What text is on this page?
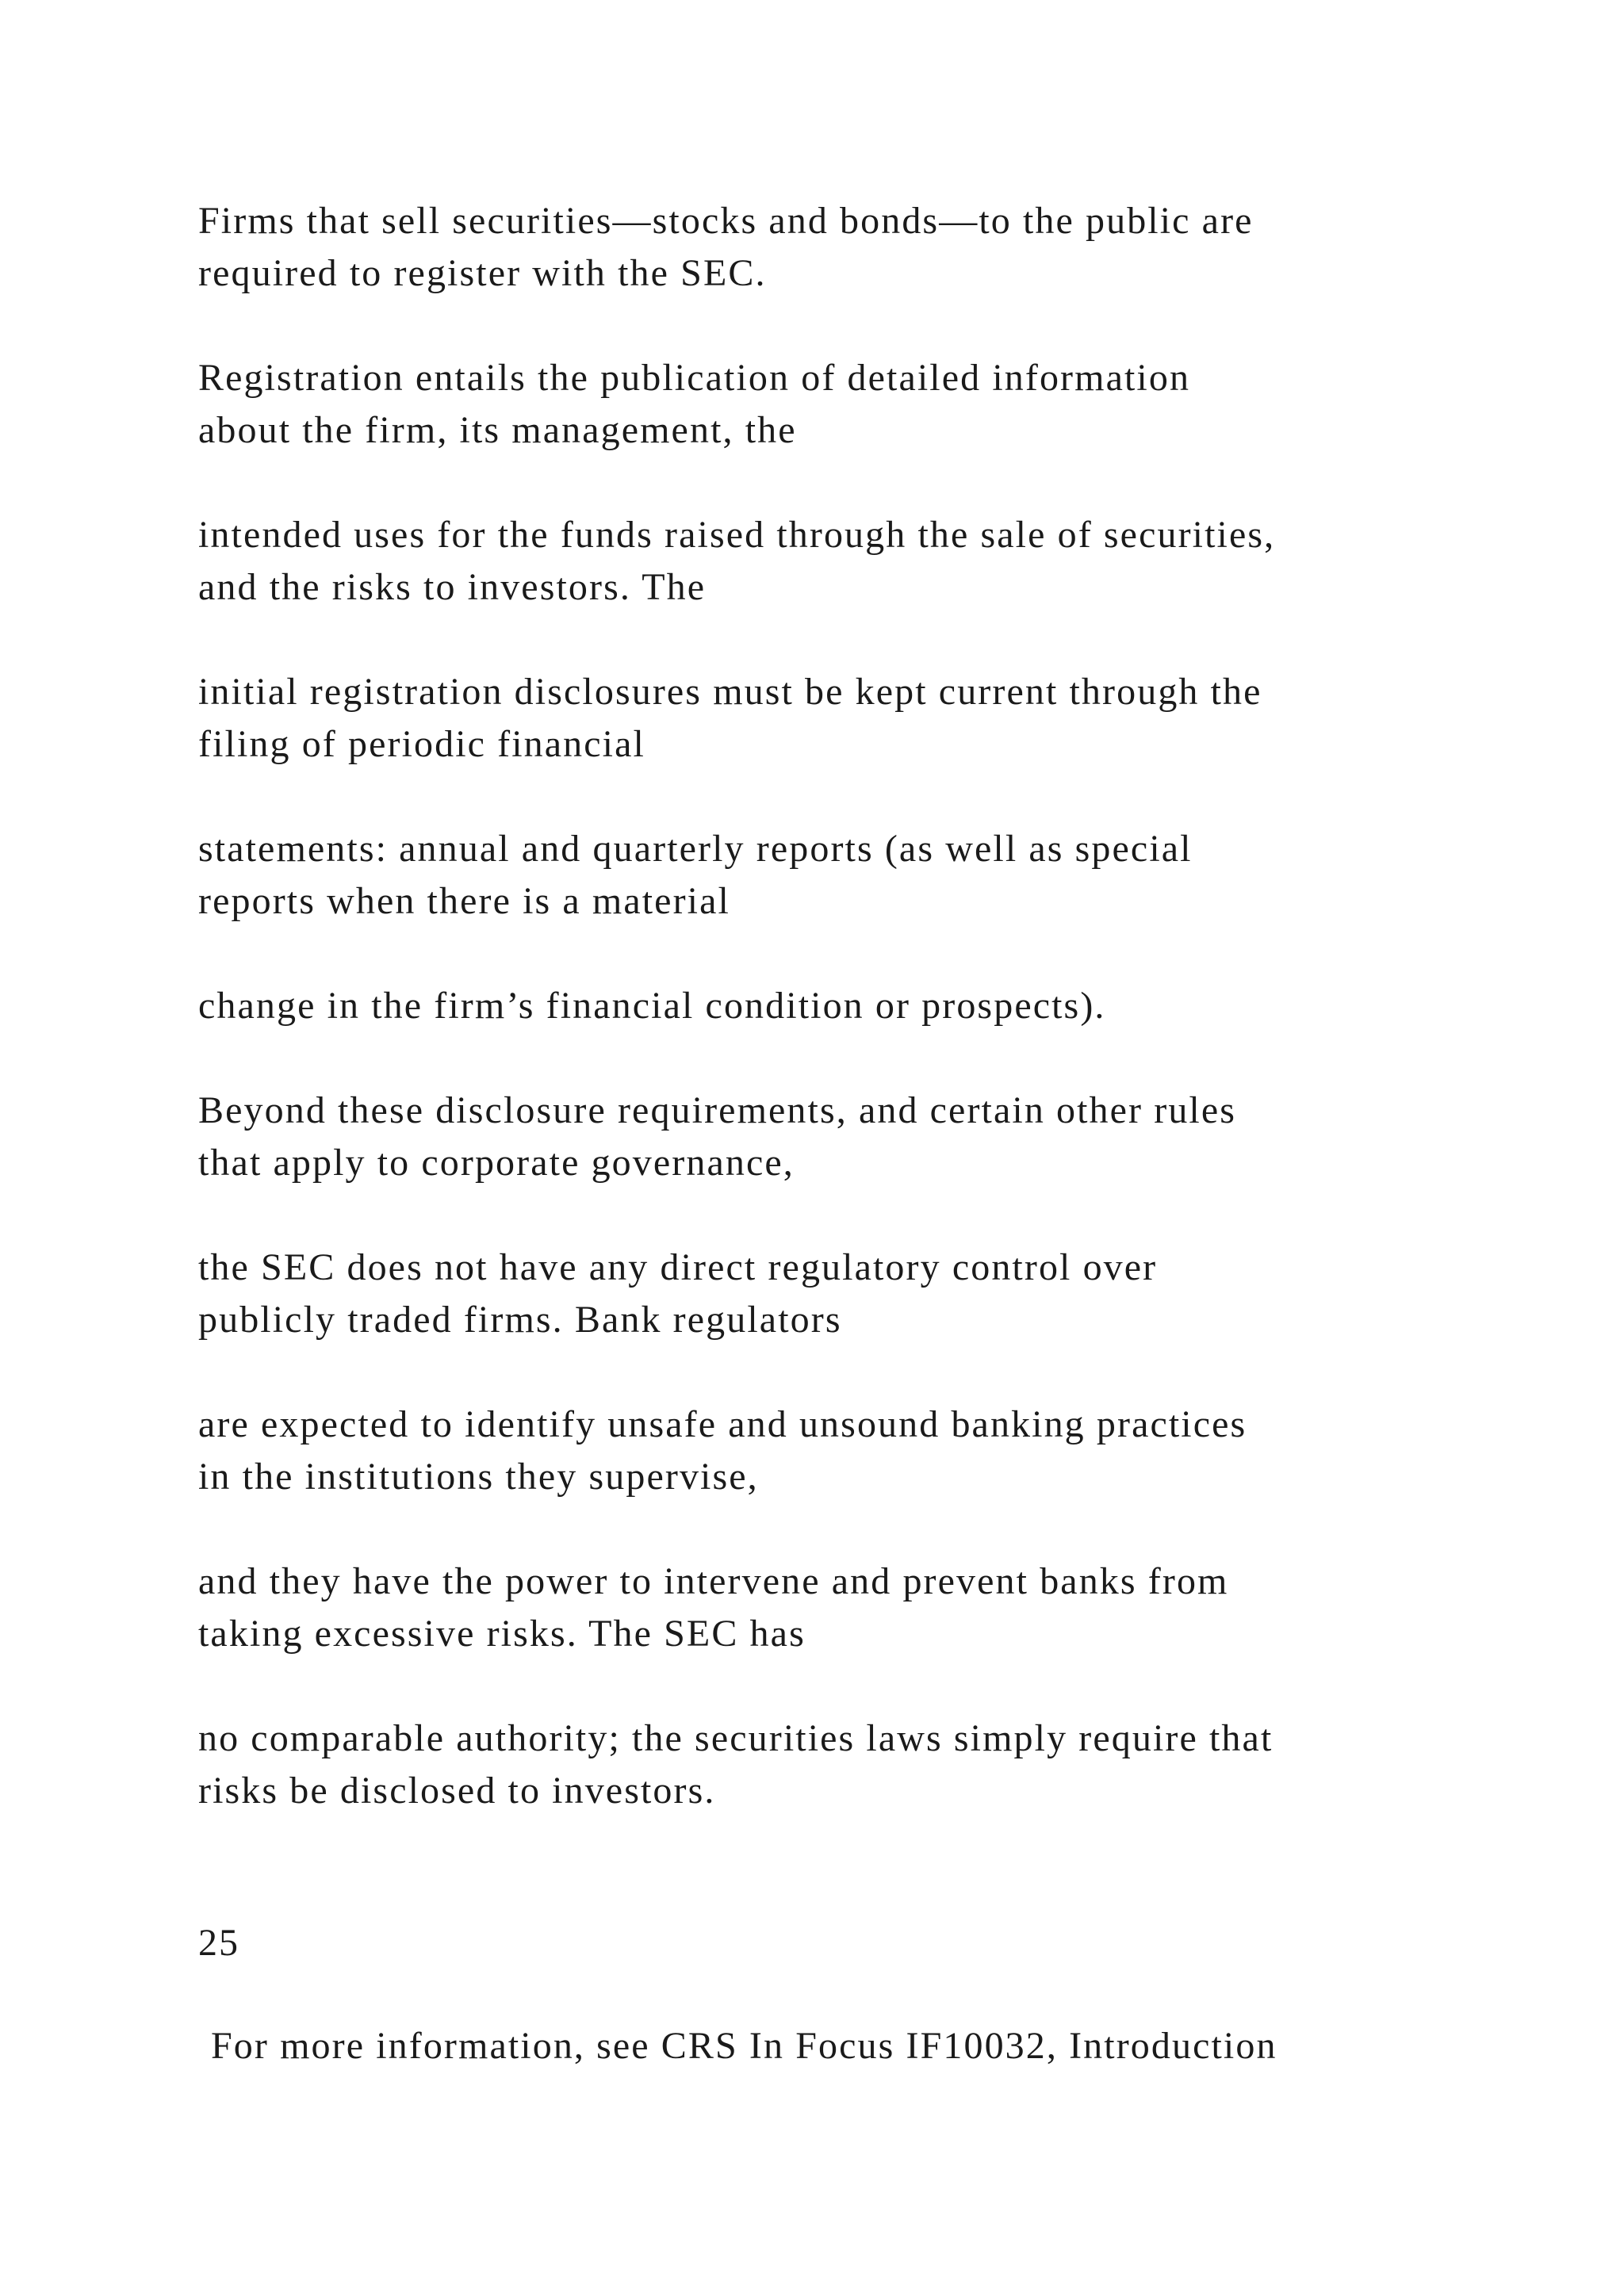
Firms that sell securities—stocks and bonds—to the public are
required to register with the SEC.

Registration entails the publication of detailed information
about the firm, its management, the

intended uses for the funds raised through the sale of securities,
and the risks to investors. The

initial registration disclosures must be kept current through the
filing of periodic financial

statements: annual and quarterly reports (as well as special
reports when there is a material

change in the firm’s financial condition or prospects).

Beyond these disclosure requirements, and certain other rules
that apply to corporate governance,

the SEC does not have any direct regulatory control over
publicly traded firms. Bank regulators

are expected to identify unsafe and unsound banking practices
in the institutions they supervise,

and they have the power to intervene and prevent banks from
taking excessive risks. The SEC has

no comparable authority; the securities laws simply require that
risks be disclosed to investors.

25

For more information, see CRS In Focus IF10032, Introduction
